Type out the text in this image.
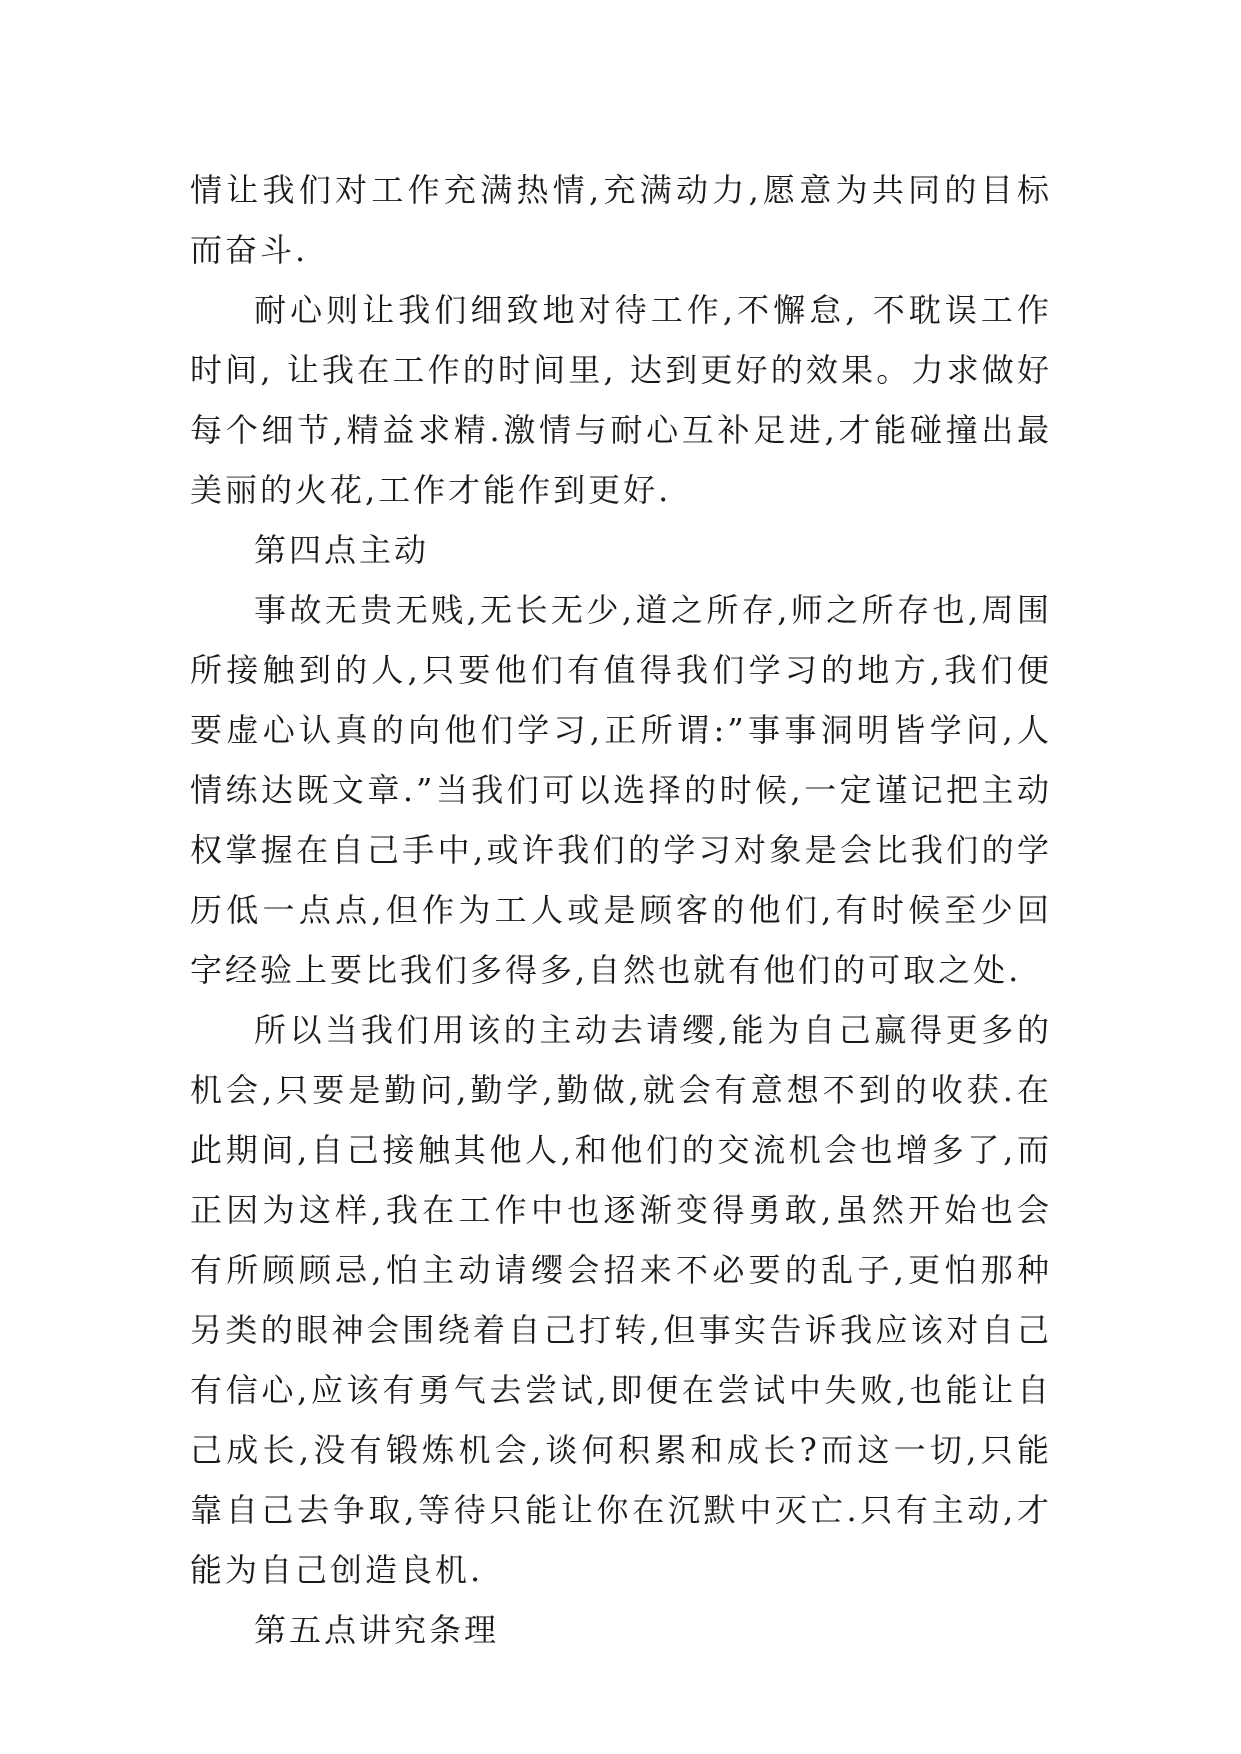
情让我们对工作充满热情,充满动力,愿意为共同的目标而奋斗.

耐心则让我们细致地对待工作,不懈怠, 不耽误工作时间, 让我在工作的时间里, 达到更好的效果。力求做好每个细节,精益求精.激情与耐心互补足进,才能碰撞出最美丽的火花,工作才能作到更好.

第四点主动

事故无贵无贱,无长无少,道之所存,师之所存也,周围所接触到的人,只要他们有值得我们学习的地方,我们便要虚心认真的向他们学习,正所谓:”事事洞明皆学问,人情练达既文章.”当我们可以选择的时候,一定谨记把主动权掌握在自己手中,或许我们的学习对象是会比我们的学历低一点点,但作为工人或是顾客的他们,有时候至少回字经验上要比我们多得多,自然也就有他们的可取之处.

所以当我们用该的主动去请缨,能为自己赢得更多的机会,只要是勤问,勤学,勤做,就会有意想不到的收获.在此期间,自己接触其他人,和他们的交流机会也增多了,而正因为这样,我在工作中也逐渐变得勇敢,虽然开始也会有所顾顾忌,怕主动请缨会招来不必要的乱子,更怕那种另类的眼神会围绕着自己打转,但事实告诉我应该对自己有信心,应该有勇气去尝试,即便在尝试中失败,也能让自己成长,没有锻炼机会,谈何积累和成长?而这一切,只能靠自己去争取,等待只能让你在沉默中灭亡.只有主动,才能为自己创造良机.

第五点讲究条理
